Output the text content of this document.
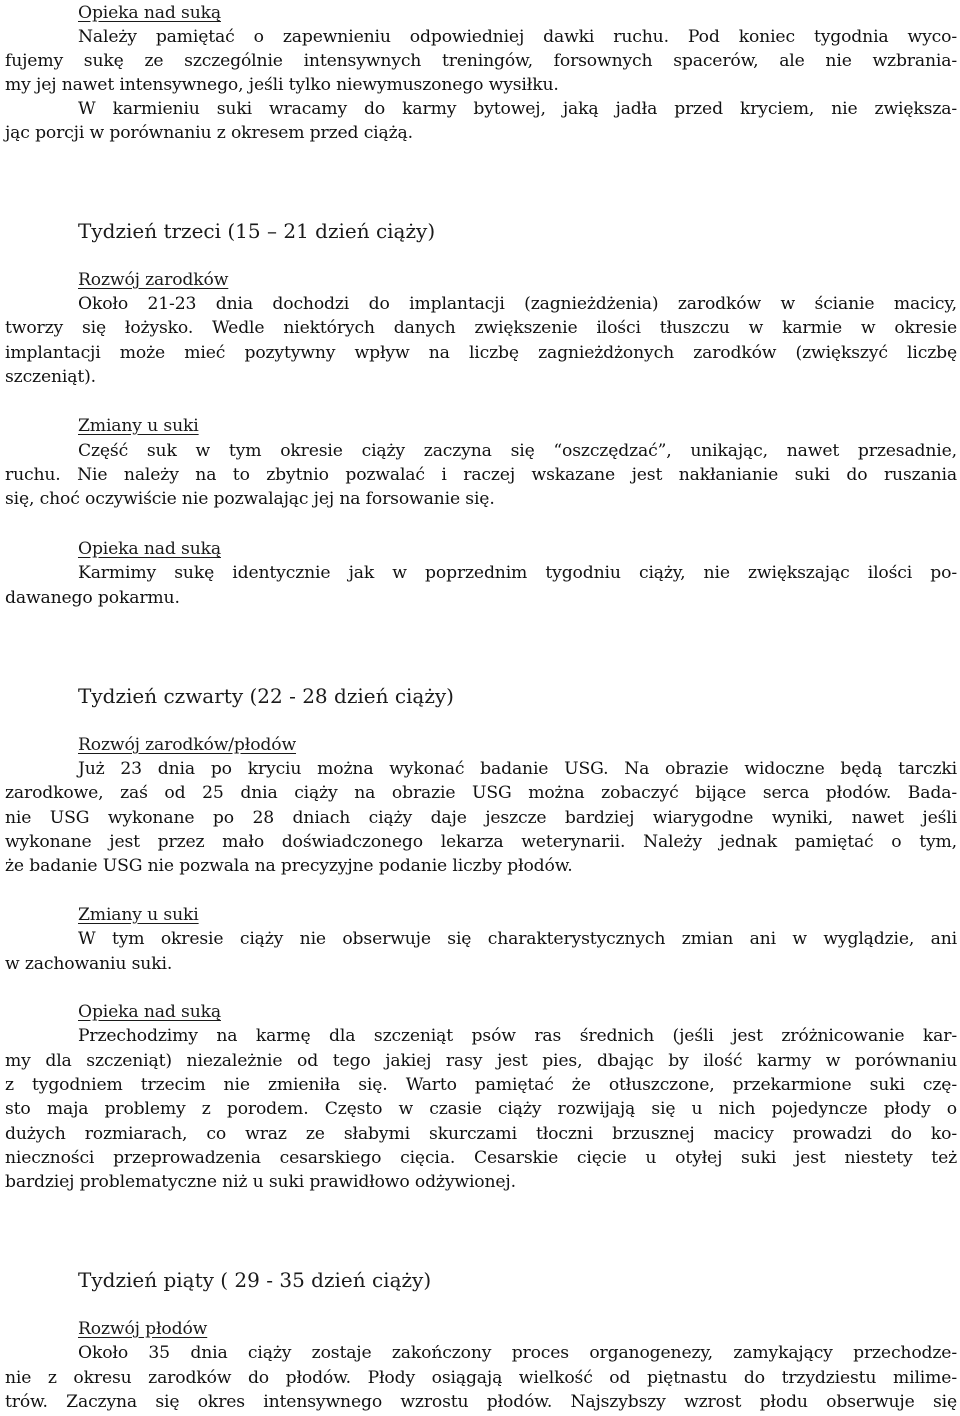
Opieka nad suką
Należy pamiętać o zapewnieniu odpowiedniej dawki ruchu. Pod koniec tygodnia wyco-
fujemy sukę ze szczególnie intensywnych treningów, forsownych spacerów, ale nie wzbrania-
my jej nawet intensywnego, jeśli tylko niewymuszonego wysiłku.
W karmieniu suki wracamy do karmy bytowej, jaką jadła przed kryciem, nie zwiększa-
jąc porcji w porównaniu z okresem przed ciążą.
Tydzień trzeci (15 – 21 dzień ciąży)
Rozwój zarodków
Około 21-23 dnia dochodzi do implantacji (zagnieżdżenia) zarodków w ścianie macicy,
tworzy się łożysko. Wedle niektórych danych zwiększenie ilości tłuszczu w karmie w okresie
implantacji może mieć pozytywny wpływ na liczbę zagnieżdżonych zarodków (zwiększyć liczbę
szczeniąt).
Zmiany u suki
Część suk w tym okresie ciąży zaczyna się “oszczędzać”, unikając, nawet przesadnie,
ruchu. Nie należy na to zbytnio pozwalać i raczej wskazane jest nakłanianie suki do ruszania
się, choć oczywiście nie pozwalając jej na forsowanie się.
Opieka nad suką
Karmimy sukę identycznie jak w poprzednim tygodniu ciąży, nie zwiększając ilości po-
dawanego pokarmu.
Tydzień czwarty (22 - 28 dzień ciąży)
Rozwój zarodków/płodów
Już 23 dnia po kryciu można wykonać badanie USG. Na obrazie widoczne będą tarczki
zarodkowe, zaś od 25 dnia ciąży na obrazie USG można zobaczyć bijące serca płodów. Bada-
nie USG wykonane po 28 dniach ciąży daje jeszcze bardziej wiarygodne wyniki, nawet jeśli
wykonane jest przez mało doświadczonego lekarza weterynarii. Należy jednak pamiętać o tym,
że badanie USG nie pozwala na precyzyjne podanie liczby płodów.
Zmiany u suki
W tym okresie ciąży nie obserwuje się charakterystycznych zmian ani w wyglądzie, ani
w zachowaniu suki.
Opieka nad suką
Przechodzimy na karmę dla szczeniąt psów ras średnich (jeśli jest zróżnicowanie kar-
my dla szczeniąt) niezależnie od tego jakiej rasy jest pies, dbając by ilość karmy w porównaniu
z tygodniem trzecim nie zmieniła się. Warto pamiętać że otłuszczone, przekarmione suki czę-
sto maja problemy z porodem. Często w czasie ciąży rozwijają się u nich pojedyncze płody o
dużych rozmiarach, co wraz ze słabymi skurczami tłoczni brzusznej macicy prowadzi do ko-
nieczności przeprowadzenia cesarskiego cięcia. Cesarskie cięcie u otyłej suki jest niestety też
bardziej problematyczne niż u suki prawidłowo odżywionej.
Tydzień piąty ( 29 - 35 dzień ciąży)
Rozwój płodów
Około 35 dnia ciąży zostaje zakończony proces organogenezy, zamykający przechodze-
nie z okresu zarodków do płodów. Płody osiągają wielkość od piętnastu do trzydziestu milime-
trów. Zaczyna się okres intensywnego wzrostu płodów. Najszybszy wzrost płodu obserwuje się
